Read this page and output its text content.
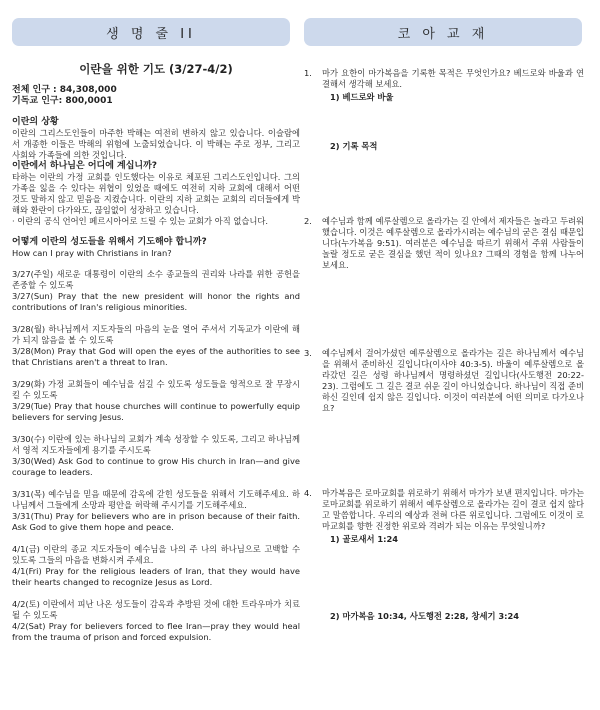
생 명 줄 II	코 아 교 재
이란을 위한 기도 (3/27-4/2)
전체 인구 : 84,308,000
기독교 인구: 800,0001
이란의 상황
이란의 그리스도인들이 마주한 박해는 여전히 변하지 않고 있습니다. 이슬람에서 개종한 이들은 박해의 위험에 노출되었습니다. 이 박해는 주로 정부, 그리고 사회와 가족들에 의한 것입니다.
이란에서 하나님은 어디에 계십니까?
타하는 이란의 가정 교회를 인도했다는 이유로 체포된 그리스도인입니다. 그의 가족을 잃을 수 있다는 위협이 있었을 때에도 여전히 지하 교회에 대해서 어떤 것도 말하지 않고 믿음을 지켰습니다. 이란의 지하 교회는 교회의 리더들에게 박해와 환란이 다가와도, 끊임없이 성장하고 있습니다.
· 이란의 공식 언어인 페르시아어로 드릴 수 있는 교회가 아직 없습니다.
어떻게 이란의 성도들을 위해서 기도해야 합니까?
How can I pray with Christians in Iran?
3/27(주일) 새로운 대통령이 이란의 소수 종교들의 권리와 나라를 위한 공헌을 존중할 수 있도록
3/27(Sun) Pray that the new president will honor the rights and contributions of Iran's religious minorities.
3/28(월) 하나님께서 지도자들의 마음의 눈을 열어 주셔서 기독교가 이란에 해가 되지 않음을 볼 수 있도록
3/28(Mon) Pray that God will open the eyes of the authorities to see that Christians aren't a threat to Iran.
3/29(화) 가정 교회들이 예수님을 섬길 수 있도록 성도들을 영적으로 잘 무장시킬 수 있도록
3/29(Tue) Pray that house churches will continue to powerfully equip believers for serving Jesus.
3/30(수) 이란에 있는 하나님의 교회가 계속 성장할 수 있도록, 그리고 하나님께서 영적 지도자들에게 용기를 주시도록
3/30(Wed) Ask God to continue to grow His church in Iran—and give courage to leaders.
3/31(목) 예수님을 믿음 때문에 감옥에 갇힌 성도들을 위해서 기도해주세요. 하나님께서 그들에게 소망과 평안을 허락해 주시기를 기도해주세요.
3/31(Thu) Pray for believers who are in prison because of their faith. Ask God to give them hope and peace.
4/1(금) 이란의 종교 지도자들이 예수님을 나의 주 나의 하나님으로 고백할 수 있도록 그들의 마음을 변화시켜 주세요.
4/1(Fri) Pray for the religious leaders of Iran, that they would have their hearts changed to recognize Jesus as Lord.
4/2(토) 이란에서 피난 나온 성도들이 감옥과 추방된 것에 대한 트라우마가 치료될 수 있도록
4/2(Sat) Pray for believers forced to flee Iran—pray they would heal from the trauma of prison and forced expulsion.
1.	마가 요한이 마가복음을 기록한 목적은 무엇인가요? 베드로와 바울과 연결해서 생각해 보세요.
1) 베드로와 바울
2) 기록 목적
2.	예수님과 함께 예루살렘으로 올라가는 길 안에서 제자들은 놀라고 두려워했습니다. 이것은 예루살렘으로 올라가시려는 예수님의 굳은 결심 때문입니다(누가복음 9:51). 여러분은 예수님을 따르기 위해서 주위 사람들이 놀랄 정도로 굳은 결심을 했던 적이 있나요? 그때의 경험을 함께 나누어 보세요.
3.	예수님께서 걸어가셨던 예루살렘으로 올라가는 길은 하나님께서 예수님을 위해서 준비하신 길입니다(이사야 40:3-5). 바울이 예루살렘으로 올라갔던 길은 성령 하나님께서 명령하셨던 길입니다(사도행전 20:22-23). 그럼에도 그 길은 결코 쉬운 길이 아니었습니다. 하나님이 직접 준비하신 길인데 쉽지 않은 길입니다. 이것이 여러분에 어떤 의미로 다가오나요?
4.	마가복음은 로마교회를 위로하기 위해서 마가가 보낸 편지입니다. 마가는 로마교회를 위로하기 위해서 예루살렘으로 올라가는 길이 결코 쉽지 않다고 말씀합니다. 우리의 예상과 전혀 다른 위로입니다. 그럼에도 이것이 로마교회를 향한 진정한 위로와 격려가 되는 이유는 무엇일니까?
1) 골로새서 1:24
2) 마가복음 10:34, 사도행전 2:28, 창세기 3:24
